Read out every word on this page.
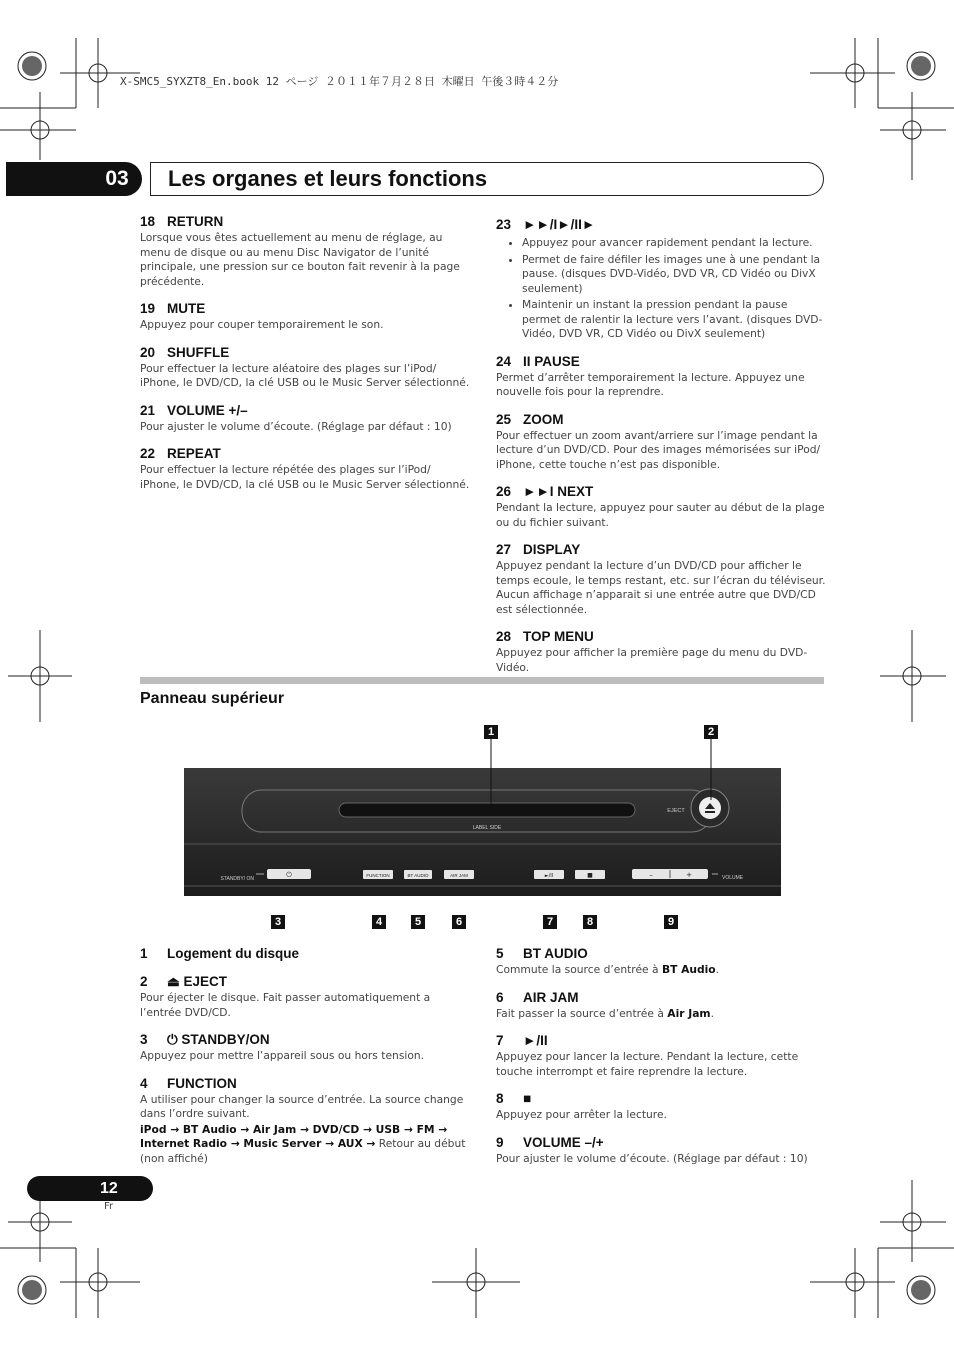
X-SMC5_SYXZT8_En.book 12 ページ ２０１１年７月２８日 木曜日 午後３時４２分
03 Les organes et leurs fonctions
18 RETURN
Lorsque vous êtes actuellement au menu de réglage, au menu de disque ou au menu Disc Navigator de l’unité principale, une pression sur ce bouton fait revenir à la page précédente.
19 MUTE
Appuyez pour couper temporairement le son.
20 SHUFFLE
Pour effectuer la lecture aléatoire des plages sur l’iPod/ iPhone, le DVD/CD, la clé USB ou le Music Server sélectionné.
21 VOLUME +/–
Pour ajuster le volume d’écoute. (Réglage par défaut : 10)
22 REPEAT
Pour effectuer la lecture répétée des plages sur l’iPod/ iPhone, le DVD/CD, la clé USB ou le Music Server sélectionné.
23 ►►/I►/II►
• Appuyez pour avancer rapidement pendant la lecture.
• Permet de faire défiler les images une à une pendant la pause. (disques DVD-Vidéo, DVD VR, CD Vidéo ou DivX seulement)
• Maintenir un instant la pression pendant la pause permet de ralentir la lecture vers l’avant. (disques DVD-Vidéo, DVD VR, CD Vidéo ou DivX seulement)
24 II PAUSE
Permet d’arrêter temporairement la lecture. Appuyez une nouvelle fois pour la reprendre.
25 ZOOM
Pour effectuer un zoom avant/arriere sur l’image pendant la lecture d’un DVD/CD. Pour des images mémorisées sur iPod/ iPhone, cette touche n’est pas disponible.
26 ►►I NEXT
Pendant la lecture, appuyez pour sauter au début de la plage ou du fichier suivant.
27 DISPLAY
Appuyez pendant la lecture d’un DVD/CD pour afficher le temps ecoule, le temps restant, etc. sur l’écran du téléviseur. Aucun affichage n’apparait si une entrée autre que DVD/CD est sélectionnée.
28 TOP MENU
Appuyez pour afficher la première page du menu du DVD-Vidéo.
Panneau supérieur
LABEL SIDE
EJECT
STANDBY/ ON	⏻	FUNCTION	BT AUDIO	AIR JAM	►/II	■	–	+	VOLUME
1	2
3	4	5	6	7	8	9
1 Logement du disque
2 ⏏ EJECT
Pour éjecter le disque. Fait passer automatiquement a l’entrée DVD/CD.
3 ⏻ STANDBY/ON
Appuyez pour mettre l’appareil sous ou hors tension.
4 FUNCTION
A utiliser pour changer la source d’entrée. La source change dans l’ordre suivant.
iPod → BT Audio → Air Jam → DVD/CD → USB → FM → Internet Radio → Music Server → AUX → Retour au début (non affiché)
5 BT AUDIO
Commute la source d’entrée à BT Audio.
6 AIR JAM
Fait passer la source d’entrée à Air Jam.
7 ►/II
Appuyez pour lancer la lecture. Pendant la lecture, cette touche interrompt et faire reprendre la lecture.
8 ■
Appuyez pour arrêter la lecture.
9 VOLUME –/+
Pour ajuster le volume d’écoute. (Réglage par défaut : 10)
12
Fr
